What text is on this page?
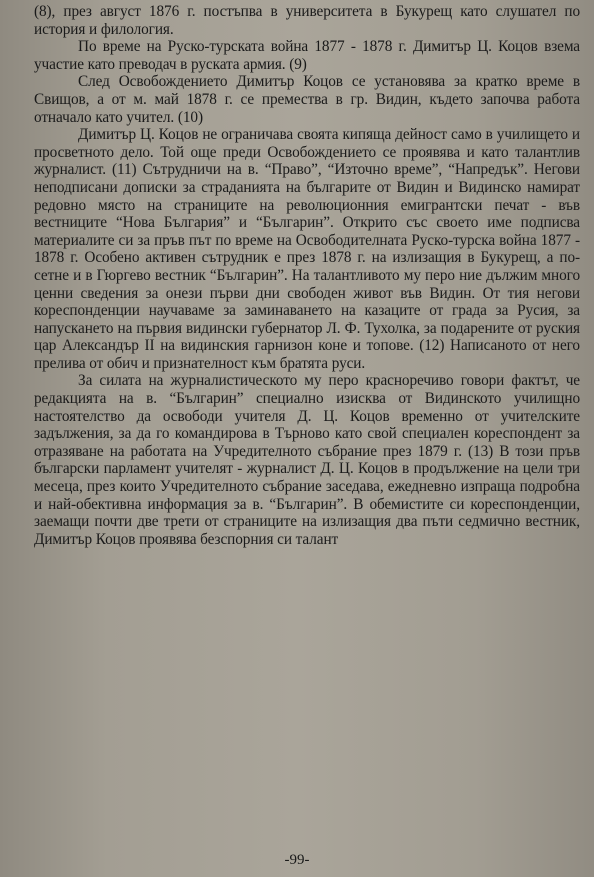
(8), през август 1876 г. постъпва в университета в Букурещ като слушател по история и филология.

По време на Руско-турската война 1877 - 1878 г. Димитър Ц. Коцов взема участие като преводач в руската армия. (9)

След Освобождението Димитър Коцов се установява за кратко време в Свищов, а от м. май 1878 г. се премества в гр. Видин, където започва работа отначало като учител. (10)

Димитър Ц. Коцов не ограничава своята кипяща дейност само в училището и просветното дело. Той още преди Освобождението се проявява и като талантлив журналист. (11) Сътрудничи на в. “Право”, “Източно време”, “Напредък”. Негови неподписани дописки за страданията на българите от Видин и Видинско намират редовно място на страниците на революционния емигрантски печат - във вестниците “Нова България” и “Българин”. Открито със своето име подписва материалите си за пръв път по време на Освободителната Руско-турска война 1877 - 1878 г. Особено активен сътрудник е през 1878 г. на излизащия в Букурещ, а по-сетне и в Гюргево вестник “Българин”. На талантливото му перо ние дължим много ценни сведения за онези първи дни свободен живот във Видин. От тия негови кореспонденции научаваме за заминаването на казаците от града за Русия, за напускането на първия видински губернатор Л. Ф. Тухолка, за подарените от руския цар Александър II на видинския гарнизон коне и топове. (12) Написаното от него прелива от обич и признателност към братята руси.

За силата на журналистическото му перо красноречиво говори фактът, че редакцията на в. “Българин” специално изисква от Видинското училищно настоятелство да освободи учителя Д. Ц. Коцов временно от учителските задължения, за да го командирова в Търново като свой специален кореспондент за отразяване на работата на Учредителното събрание през 1879 г. (13) В този пръв български парламент учителят - журналист Д. Ц. Коцов в продължение на цели три месеца, през които Учредителното събрание заседава, ежедневно изпраща подробна и най-обективна информация за в. “Българин”. В обемистите си кореспонденции, заемащи почти две трети от страниците на излизащия два пъти седмично вестник, Димитър Коцов проявява безспорния си талант

-99-
